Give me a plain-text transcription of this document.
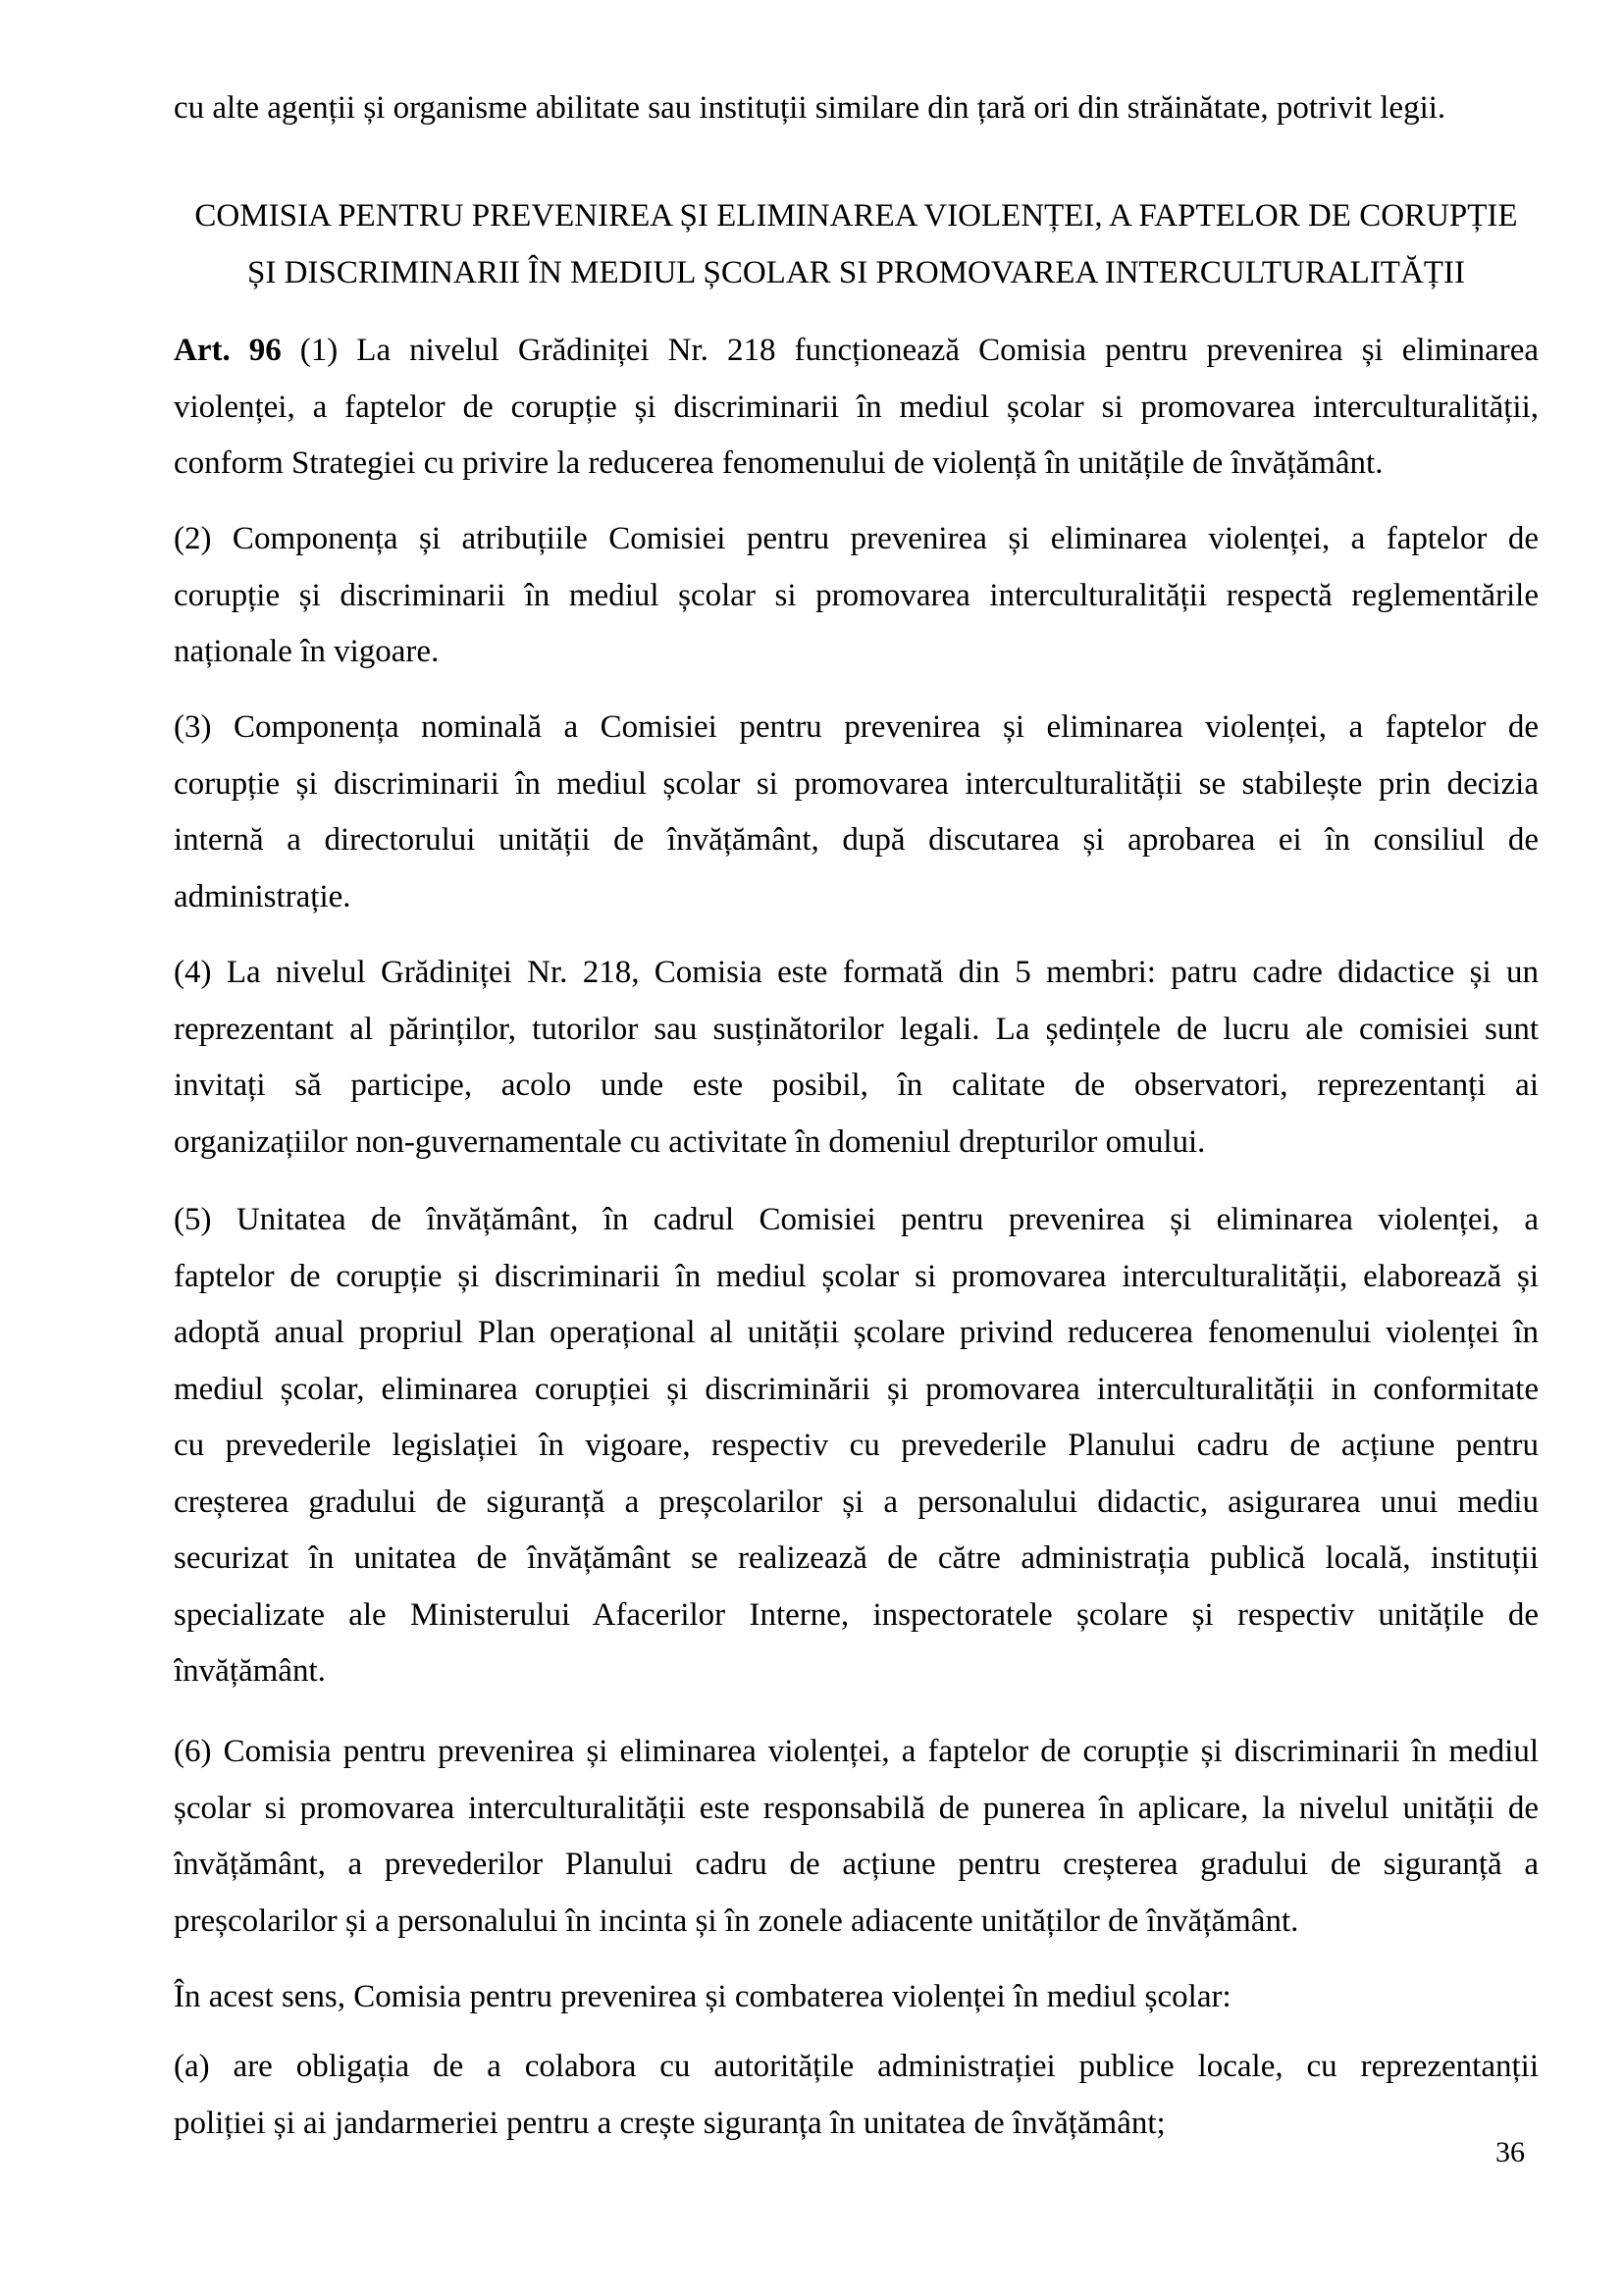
cu alte agenții și organisme abilitate sau instituții similare din țară ori din străinătate, potrivit legii.

COMISIA PENTRU PREVENIREA ȘI ELIMINAREA VIOLENȚEI, A FAPTELOR DE CORUPȚIE
ȘI DISCRIMINARII ÎN MEDIUL ȘCOLAR SI PROMOVAREA INTERCULTURALITĂȚII

Art. 96 (1) La nivelul Grădiniței Nr. 218 funcționează Comisia pentru prevenirea și eliminarea
violenței, a faptelor de corupție și discriminarii în mediul școlar si promovarea interculturalității,
conform Strategiei cu privire la reducerea fenomenului de violență în unitățile de învățământ.

(2) Componența și atribuțiile Comisiei pentru prevenirea și eliminarea violenței, a faptelor de
corupție și discriminarii în mediul școlar si promovarea interculturalității respectă reglementările
naționale în vigoare.

(3) Componența nominală a Comisiei pentru prevenirea și eliminarea violenței, a faptelor de
corupție și discriminarii în mediul școlar si promovarea interculturalității se stabilește prin decizia
internă a directorului unității de învățământ, după discutarea și aprobarea ei în consiliul de
administrație.

(4) La nivelul Grădiniței Nr. 218, Comisia este formată din 5 membri: patru cadre didactice și un
reprezentant al părinților, tutorilor sau susținătorilor legali. La ședințele de lucru ale comisiei sunt
invitați să participe, acolo unde este posibil, în calitate de observatori, reprezentanți ai
organizațiilor non-guvernamentale cu activitate în domeniul drepturilor omului.

(5) Unitatea de învățământ, în cadrul Comisiei pentru prevenirea și eliminarea violenței, a
faptelor de corupție și discriminarii în mediul școlar si promovarea interculturalității, elaborează și
adoptă anual propriul Plan operațional al unității școlare privind reducerea fenomenului violenței în
mediul școlar, eliminarea corupției și discriminării și promovarea interculturalității in conformitate
cu prevederile legislației în vigoare, respectiv cu prevederile Planului cadru de acțiune pentru
creșterea gradului de siguranță a preșcolarilor și a personalului didactic, asigurarea unui mediu
securizat în unitatea de învățământ se realizează de către administrația publică locală, instituții
specializate ale Ministerului Afacerilor Interne, inspectoratele școlare și respectiv unitățile de
învățământ.

(6) Comisia pentru prevenirea și eliminarea violenței, a faptelor de corupție și discriminarii în mediul
școlar si promovarea interculturalității este responsabilă de punerea în aplicare, la nivelul unității de
învățământ, a prevederilor Planului cadru de acțiune pentru creșterea gradului de siguranță a
preșcolarilor și a personalului în incinta și în zonele adiacente unităților de învățământ.

În acest sens, Comisia pentru prevenirea și combaterea violenței în mediul școlar:

(a) are obligația de a colabora cu autoritățile administrației publice locale, cu reprezentanții
poliției și ai jandarmeriei pentru a crește siguranța în unitatea de învățământ;

36
